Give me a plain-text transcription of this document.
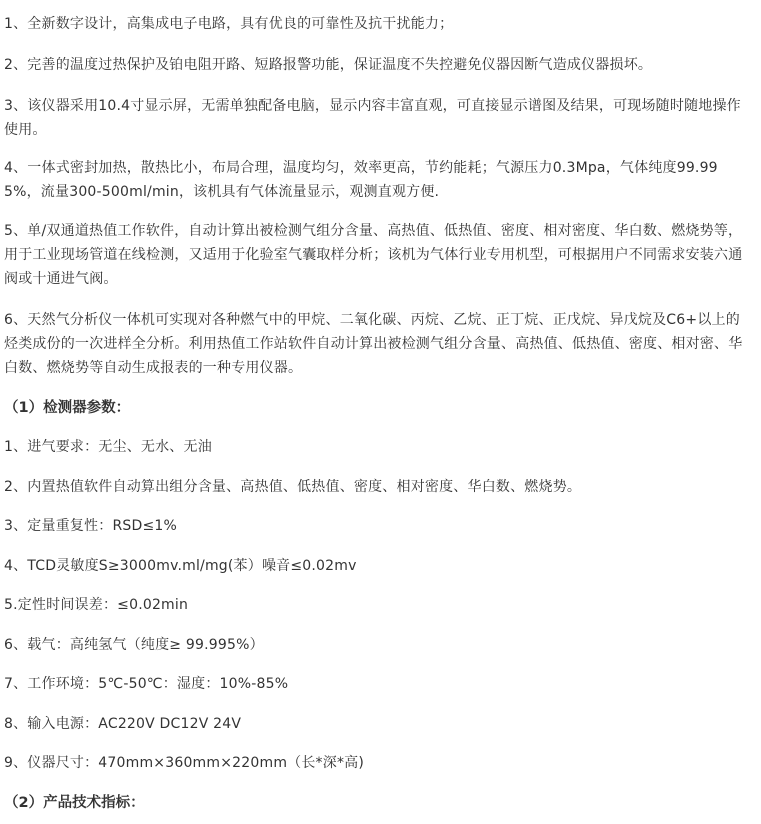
1、全新数字设计，高集成电子电路，具有优良的可靠性及抗干扰能力；

2、完善的温度过热保护及铂电阻开路、短路报警功能，保证温度不失控避免仪器因断气造成仪器损坏。

3、该仪器采用10.4寸显示屏，无需单独配备电脑，显示内容丰富直观，可直接显示谱图及结果，可现场随时随地操作使用。

4、一体式密封加热，散热比小，布局合理，温度均匀，效率更高，节约能耗；气源压力0.3Mpa，气体纯度99.995%，流量300-500ml/min，该机具有气体流量显示，观测直观方便.

5、单/双通道热值工作软件，自动计算出被检测气组分含量、高热值、低热值、密度、相对密度、华白数、燃烧势等，用于工业现场管道在线检测，又适用于化验室气囊取样分析；该机为气体行业专用机型，可根据用户不同需求安装六通阀或十通进气阀。

6、天然气分析仪一体机可实现对各种燃气中的甲烷、二氧化碳、丙烷、乙烷、正丁烷、正戊烷、异戊烷及C6+以上的烃类成份的一次进样全分析。利用热值工作站软件自动计算出被检测气组分含量、高热值、低热值、密度、相对密、华白数、燃烧势等自动生成报表的一种专用仪器。

（1）检测器参数：

1、进气要求：无尘、无水、无油

2、内置热值软件自动算出组分含量、高热值、低热值、密度、相对密度、华白数、燃烧势。

3、定量重复性：RSD≤1%

4、TCD灵敏度S≥3000mv.ml/mg(苯）噪音≤0.02mv

5.定性时间误差：≤0.02min

6、载气：高纯氢气（纯度≥ 99.995%）

7、工作环境：5℃-50℃：湿度：10%-85%

8、输入电源：AC220V DC12V 24V

9、仪器尺寸：470mm×360mm×220mm（长*深*高)

（2）产品技术指标：
